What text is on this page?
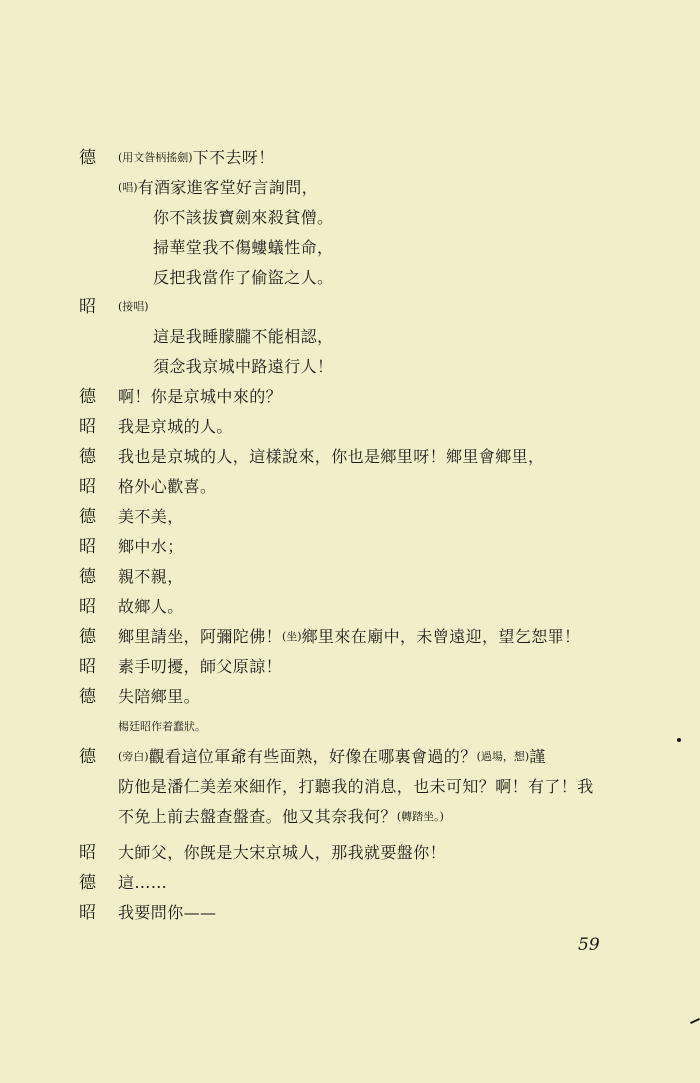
德 (用文昝柄搖劍)下不去呀！
(唱)有酒家進客堂好言詢問，
你不該拔寶劍來殺貧僧。
掃華堂我不傷螻蟻性命，
反把我當作了偷盜之人。
昭 (接唱)
這是我睡朦朧不能相認，
須念我京城中路遠行人！
德 啊！你是京城中來的？
昭 我是京城的人。
德 我也是京城的人，這樣說來，你也是鄉里呀！鄉里會鄉里，
昭 格外心歡喜。
德 美不美，
昭 鄉中水；
德 親不親，
昭 故鄉人。
德 鄉里請坐，阿彌陀佛！(坐)鄉里來在廟中，未曾遠迎，望乞恕罪！
昭 素手叨擾，師父原諒！
德 失陪鄉里。
楊廷昭作着蠢狀。
德 (旁白)觀看這位軍爺有些面熟，好像在哪裏會過的？(過場，想)謹
防他是潘仁美差來細作，打聽我的消息，也未可知？啊！有了！我
不免上前去盤查盤查。他又其奈我何？(轉踏坐。)
昭 大師父，你旣是大宋京城人，那我就要盤你！
德 這……
昭 我要問你——
59
